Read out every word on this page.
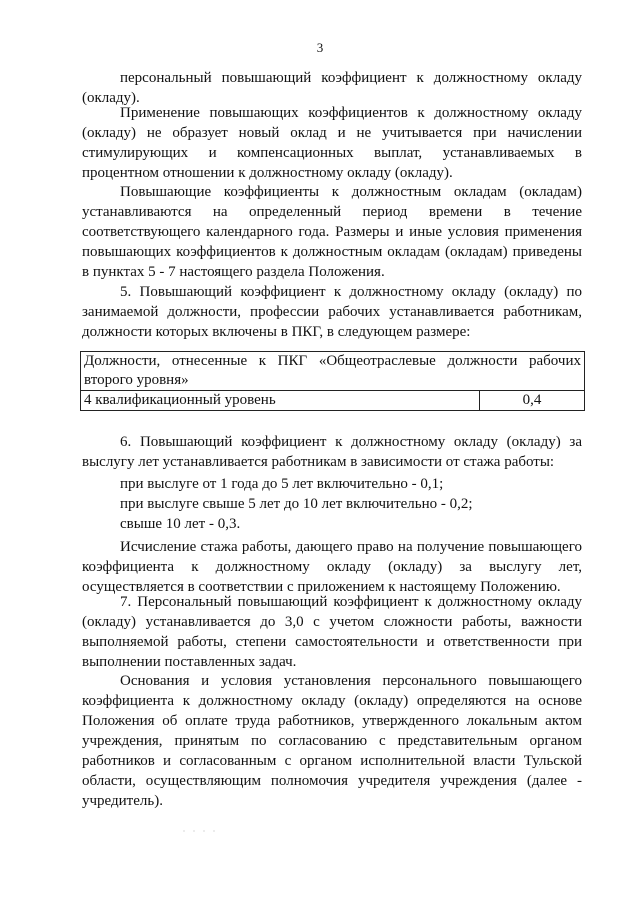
3
персональный повышающий коэффициент к должностному окладу
(окладу).
Применение повышающих коэффициентов к должностному окладу
(окладу) не образует новый оклад и не учитывается при начислении
стимулирующих и компенсационных выплат, устанавливаемых в
процентном отношении к должностному окладу (окладу).
Повышающие коэффициенты к должностным окладам (окладам)
устанавливаются на определенный период времени в течение
соответствующего календарного года. Размеры и иные условия применения
повышающих коэффициентов к должностным окладам (окладам) приведены
в пунктах 5 - 7 настоящего раздела Положения.
5. Повышающий коэффициент к должностному окладу (окладу) по
занимаемой должности, профессии рабочих устанавливается работникам,
должности которых включены в ПКГ, в следующем размере:
Должности, отнесенные к ПКГ «Общеотраслевые должности рабочих
второго уровня»

4 квалификационный уровень	0,4
6. Повышающий коэффициент к должностному окладу (окладу) за
выслугу лет устанавливается работникам в зависимости от стажа работы:
при выслуге от 1 года до 5 лет включительно - 0,1;
при выслуге свыше 5 лет до 10 лет включительно - 0,2;
свыше 10 лет - 0,3.
Исчисление стажа работы, дающего право на получение повышающего
коэффициента к должностному окладу (окладу) за выслугу лет,
осуществляется в соответствии с приложением к настоящему Положению.
7. Персональный повышающий коэффициент к должностному окладу
(окладу) устанавливается до 3,0 с учетом сложности работы, важности
выполняемой работы, степени самостоятельности и ответственности при
выполнении поставленных задач.
Основания и условия установления персонального повышающего
коэффициента к должностному окладу (окладу) определяются на основе
Положения об оплате труда работников, утвержденного локальным актом
учреждения, принятым по согласованию с представительным органом
работников и согласованным с органом исполнительной власти Тульской
области, осуществляющим полномочия учредителя учреждения (далее -
учредитель).
